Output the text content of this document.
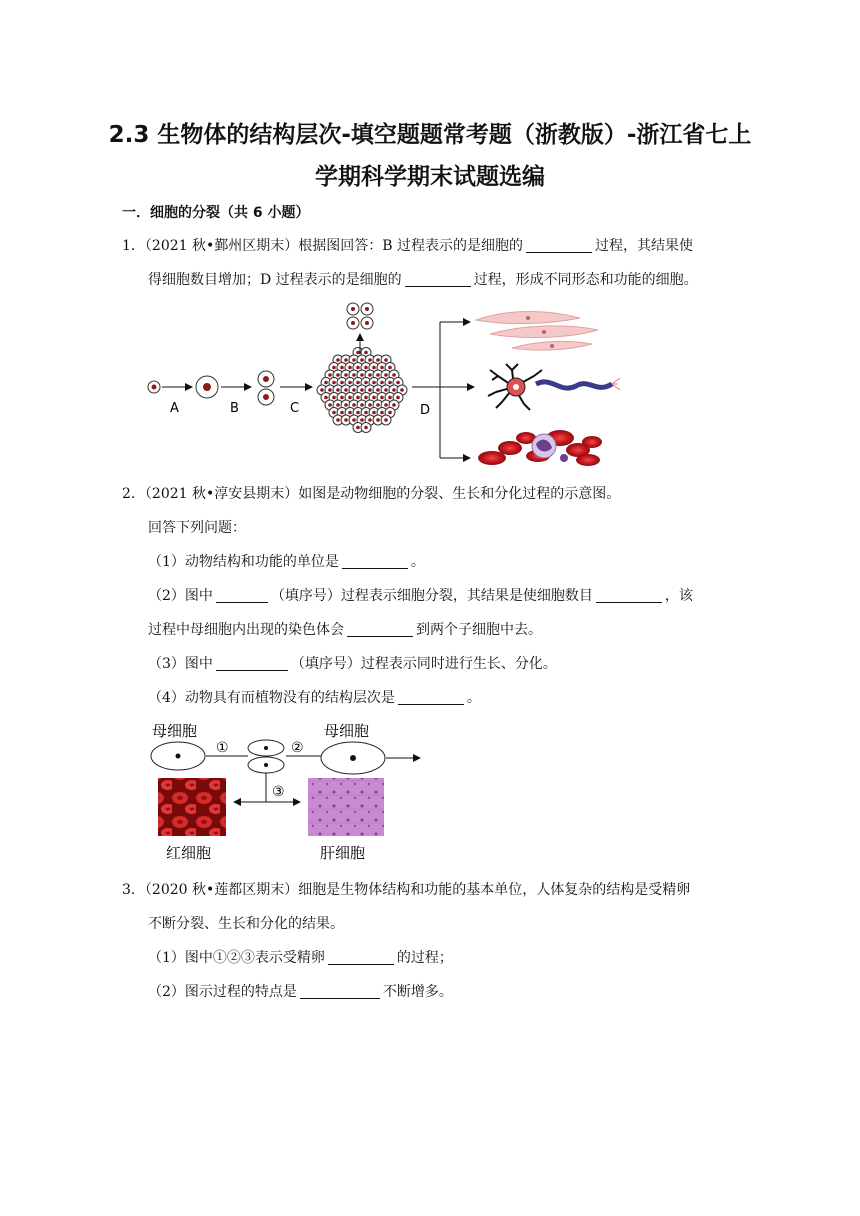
2.3 生物体的结构层次-填空题题常考题（浙教版）-浙江省七上
学期科学期末试题选编
一．细胞的分裂（共 6 小题）
1．（2021 秋•鄞州区期末）根据图回答：B 过程表示的是细胞的	过程，其结果使
得细胞数目增加；D 过程表示的是细胞的	过程，形成不同形态和功能的细胞。
A	B	C	D
2．（2021 秋•淳安县期末）如图是动物细胞的分裂、生长和分化过程的示意图。
回答下列问题：
（1）动物结构和功能的单位是	。
（2）图中	（填序号）过程表示细胞分裂，其结果是使细胞数目	，该
过程中母细胞内出现的染色体会	到两个子细胞中去。
（3）图中	（填序号）过程表示同时进行生长、分化。
（4）动物具有而植物没有的结构层次是	。
母细胞
①	②
母细胞
③
红细胞	肝细胞
3．（2020 秋•莲都区期末）细胞是生物体结构和功能的基本单位，人体复杂的结构是受精卵
不断分裂、生长和分化的结果。
（1）图中①②③表示受精卵	的过程；
（2）图示过程的特点是	不断增多。
